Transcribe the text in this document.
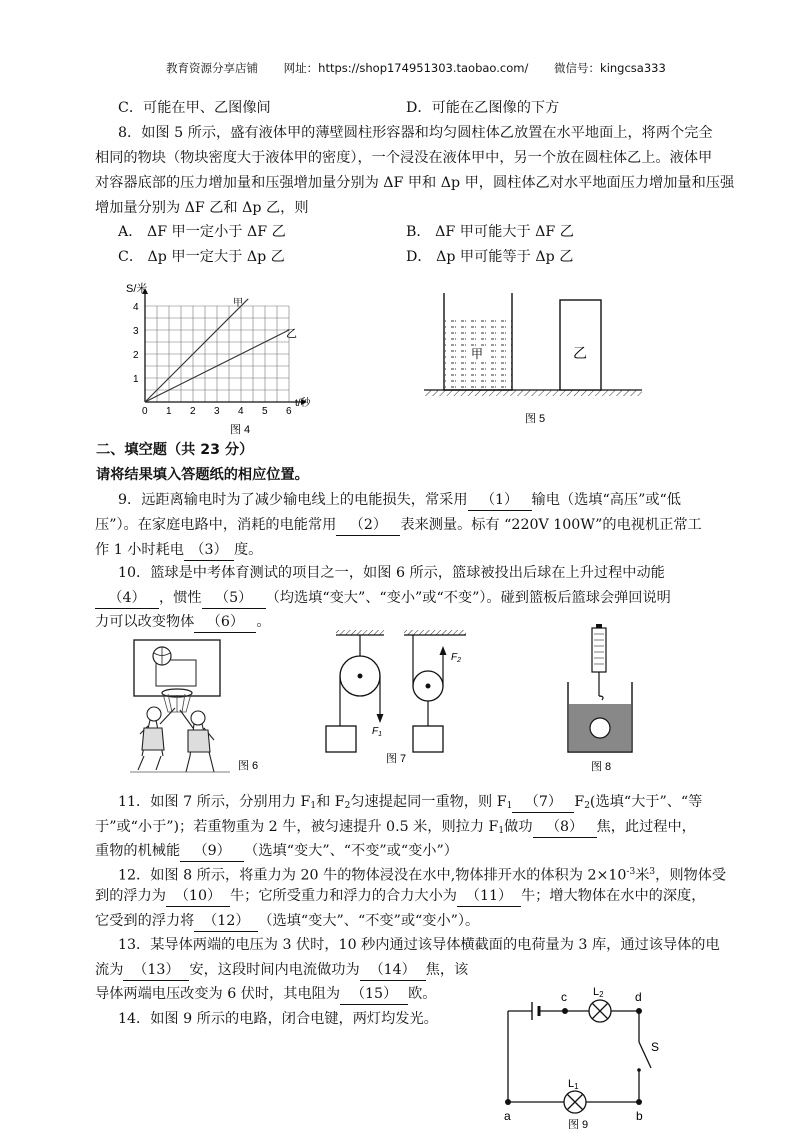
教育资源分享店铺 网址：https://shop174951303.taobao.com/ 微信号：kingcsa333
C．可能在甲、乙图像间	D．可能在乙图像的下方
8．如图 5 所示，盛有液体甲的薄壁圆柱形容器和均匀圆柱体乙放置在水平地面上，将两个完全
相同的物块（物块密度大于液体甲的密度），一个浸没在液体甲中，另一个放在圆柱体乙上。液体甲
对容器底部的压力增加量和压强增加量分别为 ΔF 甲和 Δp 甲，圆柱体乙对水平地面压力增加量和压强
增加量分别为 ΔF 乙和 Δp 乙，则
A． ΔF 甲一定小于 ΔF 乙	B． ΔF 甲可能大于 ΔF 乙
C． Δp 甲一定大于 Δp 乙	D． Δp 甲可能等于 Δp 乙
0 1 2 3 4 5 6
1
2
3
4
S/米
t/秒
甲
乙
图 4
甲	乙
图 5
二、填空题（共 23 分）
请将结果填入答题纸的相应位置。
9．远距离输电时为了减少输电线上的电能损失，常采用 （1） 输电（选填“高压”或“低
压”）。在家庭电路中，消耗的电能常用 （2） 表来测量。标有 “220V 100W”的电视机正常工
作 1 小时耗电 （3） 度。
10．篮球是中考体育测试的项目之一，如图 6 所示，篮球被投出后球在上升过程中动能
（4） ，惯性 （5） （均选填“变大”、“变小”或“不变”）。碰到篮板后篮球会弹回说明
力可以改变物体 （6） 。
图 6
$F_1$
$F_2$
图 7
图 8
11．如图 7 所示，分别用力 $F_1$和 $F_2$匀速提起同一重物，则 $F_1$ （7） $F_2$(选填“大于”、“等
于”或“小于”)；若重物重为 2 牛，被匀速提升 0.5 米，则拉力 $F_1$做功 （8） 焦，此过程中，
重物的机械能 （9） （选填“变大”、“不变”或“变小”）
12．如图 8 所示，将重力为 20 牛的物体浸没在水中,物体排开水的体积为 $2\times 10^{-3}$米$^3$，则物体受
到的浮力为 （10） 牛；它所受重力和浮力的合力大小为 （11） 牛；增大物体在水中的深度，
它受到的浮力将 （12） （选填“变大”、“不变”或“变小”）。
13．某导体两端的电压为 3 伏时，10 秒内通过该导体横截面的电荷量为 3 库，通过该导体的电
流为 （13） 安，这段时间内电流做功为 （14） 焦，该
导体两端电压改变为 6 伏时，其电阻为 （15） 欧。
14．如图 9 所示的电路，闭合电键，两灯均发光。
c	d
a	b
L2
L1
S
图 9
